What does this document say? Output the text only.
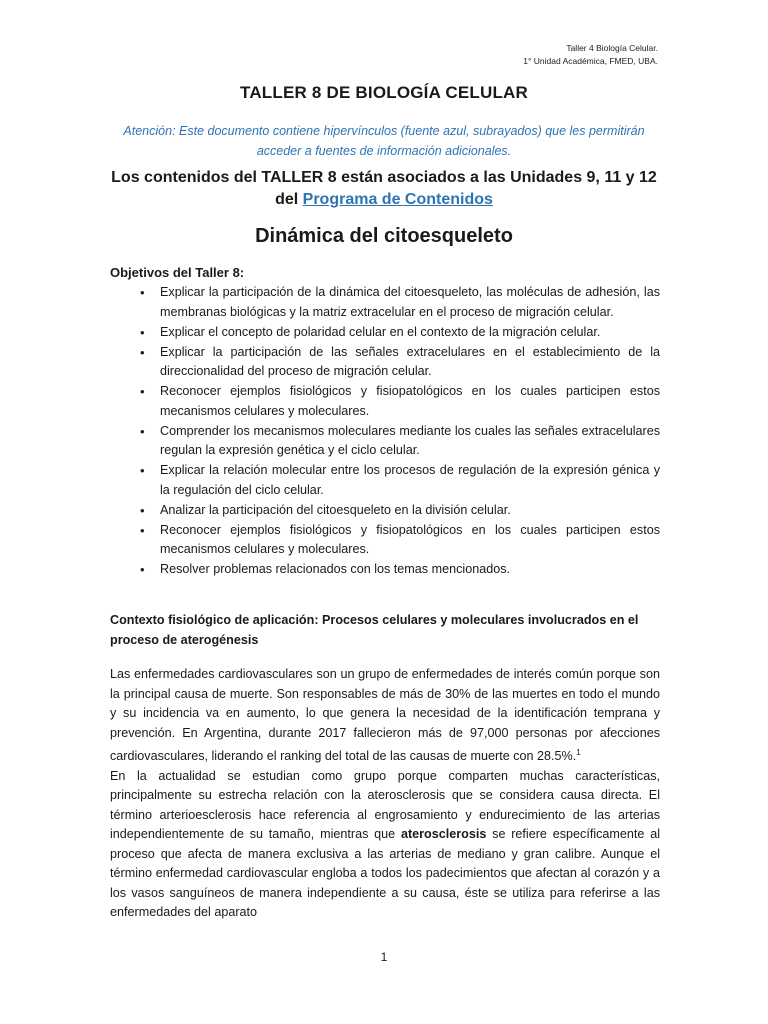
Taller 4 Biología Celular.
1° Unidad Académica, FMED, UBA.
TALLER 8 DE BIOLOGÍA CELULAR
Atención: Este documento contiene hipervínculos (fuente azul, subrayados) que les permitirán acceder a fuentes de información adicionales.
Los contenidos del TALLER 8 están asociados a las Unidades 9, 11 y 12 del Programa de Contenidos
Dinámica del citoesqueleto
Objetivos del Taller 8:
• Explicar la participación de la dinámica del citoesqueleto, las moléculas de adhesión, las membranas biológicas y la matriz extracelular en el proceso de migración celular.
• Explicar el concepto de polaridad celular en el contexto de la migración celular.
• Explicar la participación de las señales extracelulares en el establecimiento de la direccionalidad del proceso de migración celular.
• Reconocer ejemplos fisiológicos y fisiopatológicos en los cuales participen estos mecanismos celulares y moleculares.
• Comprender los mecanismos moleculares mediante los cuales las señales extracelulares regulan la expresión genética y el ciclo celular.
• Explicar la relación molecular entre los procesos de regulación de la expresión génica y la regulación del ciclo celular.
• Analizar la participación del citoesqueleto en la división celular.
• Reconocer ejemplos fisiológicos y fisiopatológicos en los cuales participen estos mecanismos celulares y moleculares.
• Resolver problemas relacionados con los temas mencionados.
Contexto fisiológico de aplicación: Procesos celulares y moleculares involucrados en el proceso de aterogénesis

Las enfermedades cardiovasculares son un grupo de enfermedades de interés común porque son la principal causa de muerte. Son responsables de más de 30% de las muertes en todo el mundo y su incidencia va en aumento, lo que genera la necesidad de la identificación temprana y prevención. En Argentina, durante 2017 fallecieron más de 97,000 personas por afecciones cardiovasculares, liderando el ranking del total de las causas de muerte con 28.5%.$^1$

En la actualidad se estudian como grupo porque comparten muchas características, principalmente su estrecha relación con la aterosclerosis que se considera causa directa. El término arterioesclerosis hace referencia al engrosamiento y endurecimiento de las arterias independientemente de su tamaño, mientras que aterosclerosis se refiere específicamente al proceso que afecta de manera exclusiva a las arterias de mediano y gran calibre. Aunque el término enfermedad cardiovascular engloba a todos los padecimientos que afectan al corazón y a los vasos sanguíneos de manera independiente a su causa, éste se utiliza para referirse a las enfermedades del aparato

1
